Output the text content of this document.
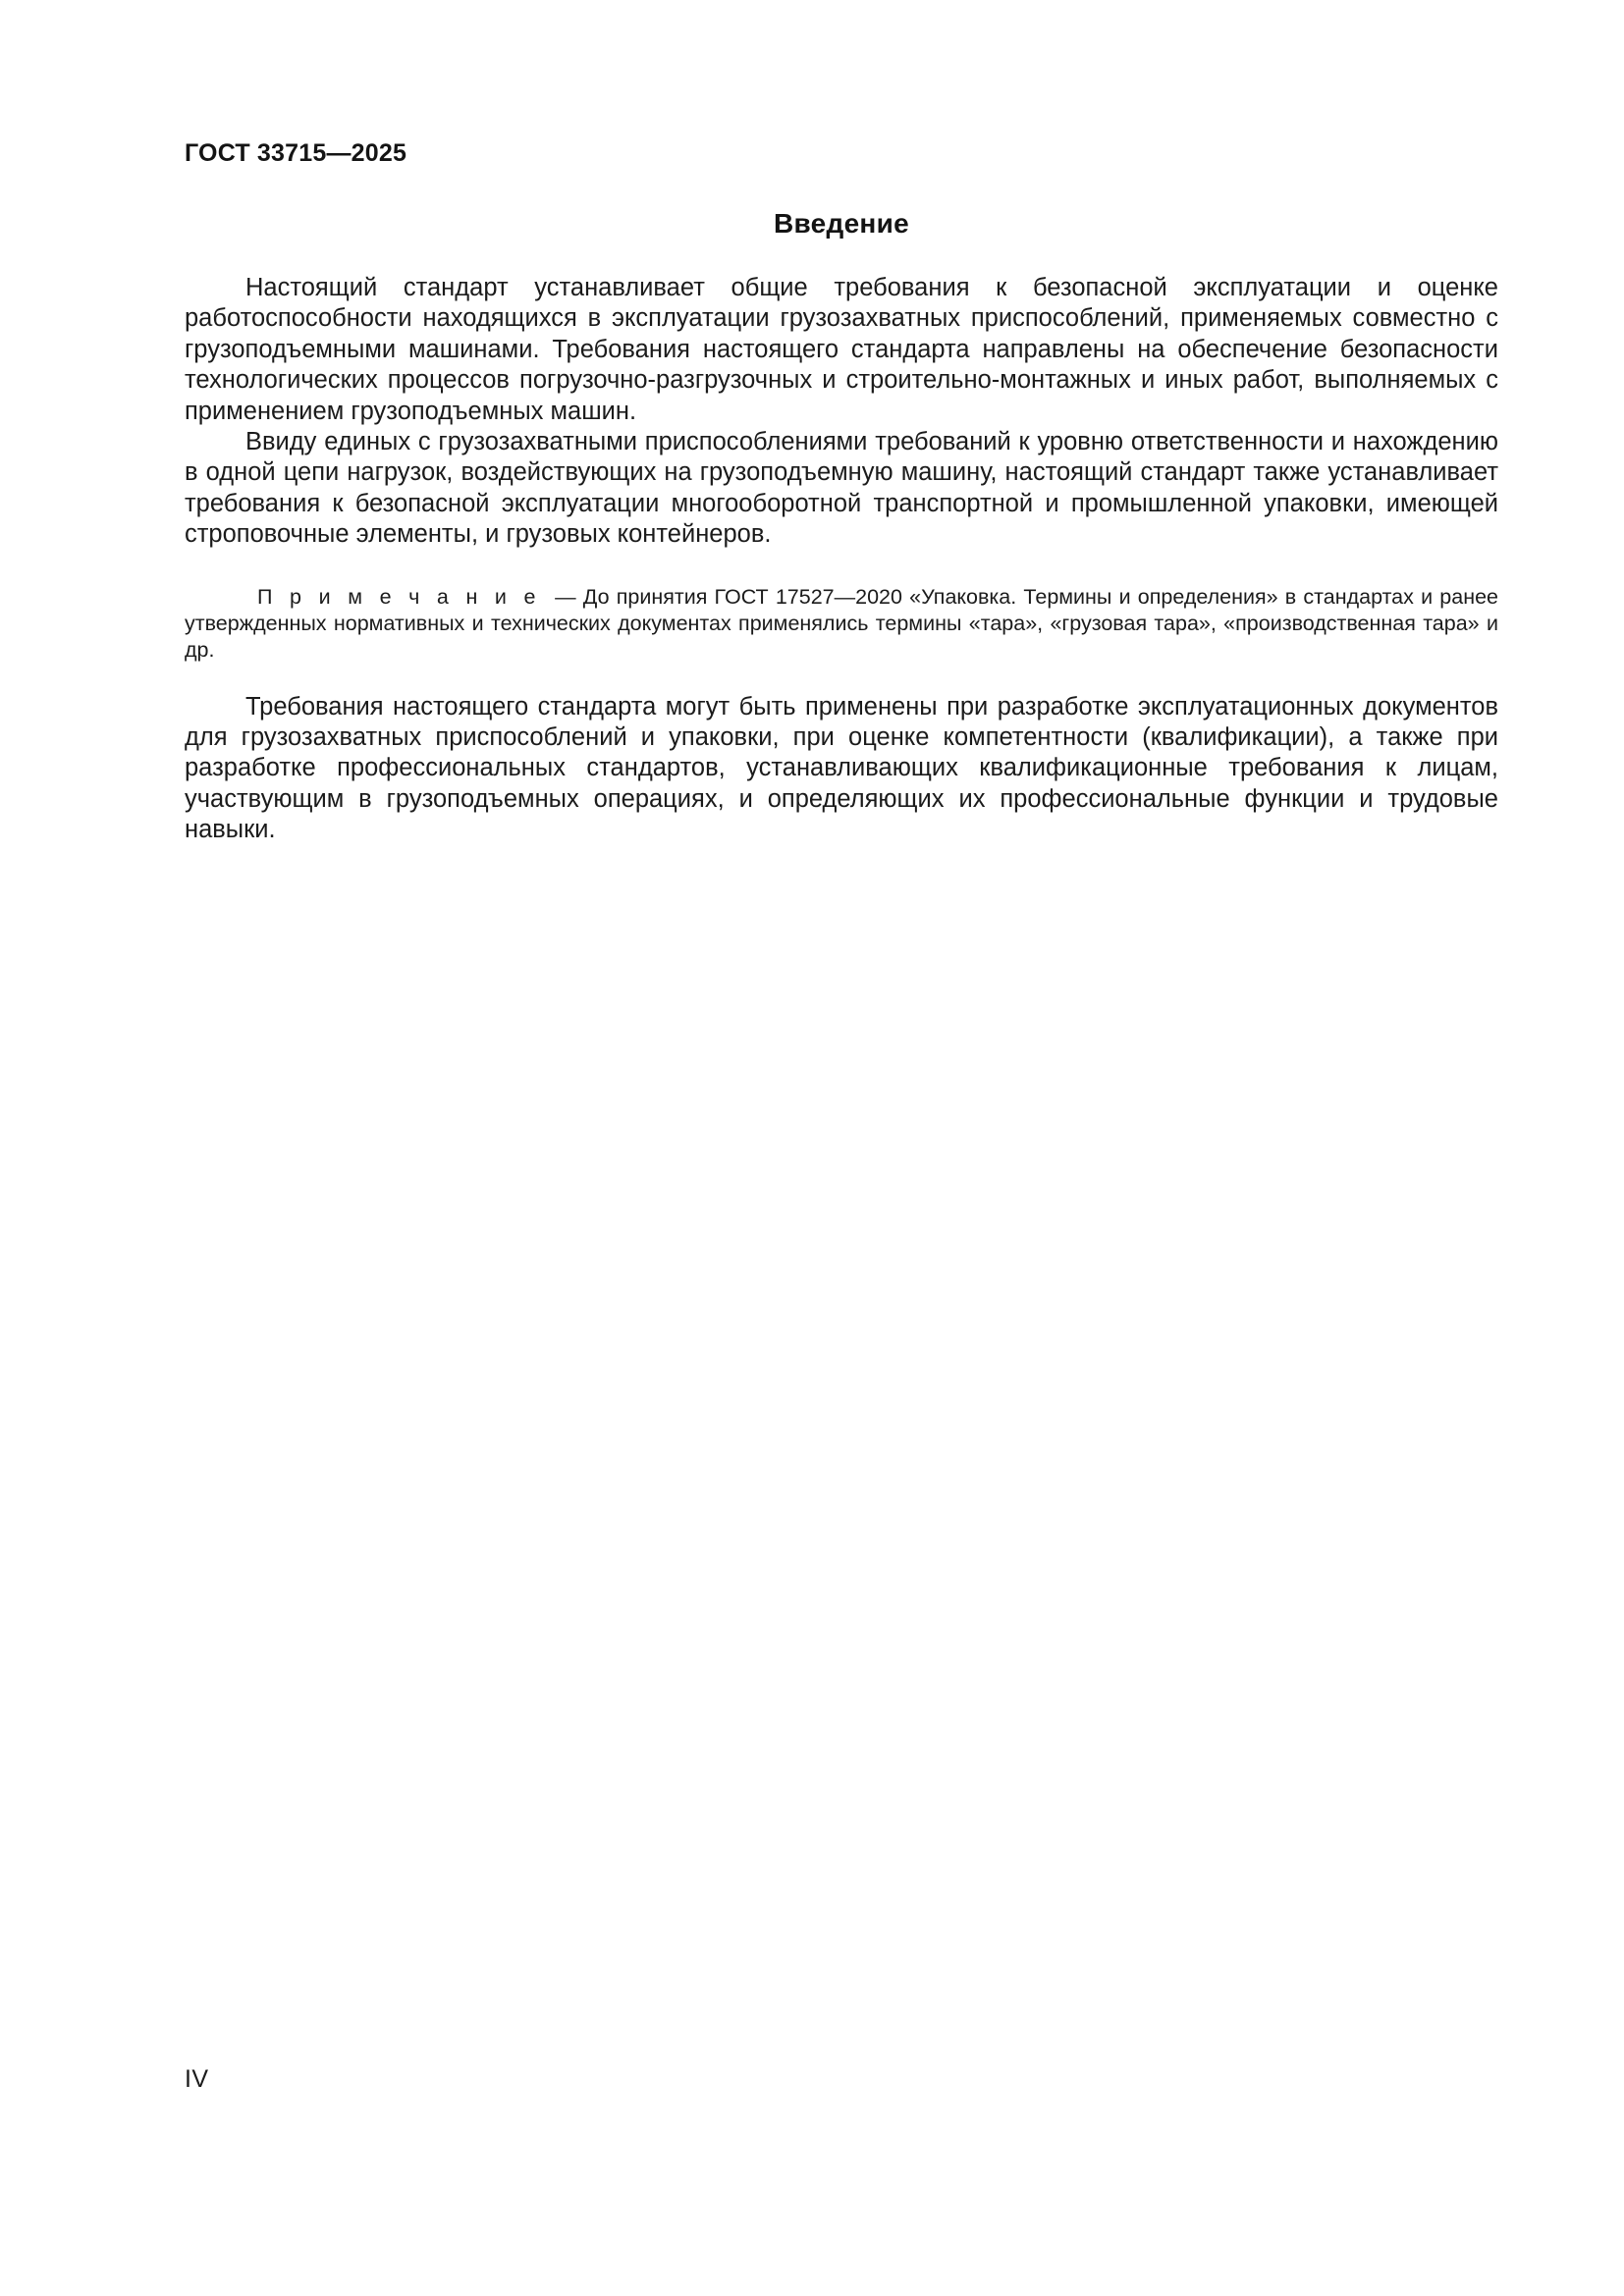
ГОСТ 33715—2025
Введение

Настоящий стандарт устанавливает общие требования к безопасной эксплуатации и оценке работоспособности находящихся в эксплуатации грузозахватных приспособлений, применяемых совместно с грузоподъемными машинами. Требования настоящего стандарта направлены на обеспечение безопасности технологических процессов погрузочно-разгрузочных и строительно-монтажных и иных работ, выполняемых с применением грузоподъемных машин.

Ввиду единых с грузозахватными приспособлениями требований к уровню ответственности и нахождению в одной цепи нагрузок, воздействующих на грузоподъемную машину, настоящий стандарт также устанавливает требования к безопасной эксплуатации многооборотной транспортной и промышленной упаковки, имеющей строповочные элементы, и грузовых контейнеров.

П р и м е ч а н и е — До принятия ГОСТ 17527—2020 «Упаковка. Термины и определения» в стандартах и ранее утвержденных нормативных и технических документах применялись термины «тара», «грузовая тара», «производственная тара» и др.

Требования настоящего стандарта могут быть применены при разработке эксплуатационных документов для грузозахватных приспособлений и упаковки, при оценке компетентности (квалификации), а также при разработке профессиональных стандартов, устанавливающих квалификационные требования к лицам, участвующим в грузоподъемных операциях, и определяющих их профессиональные функции и трудовые навыки.

IV
